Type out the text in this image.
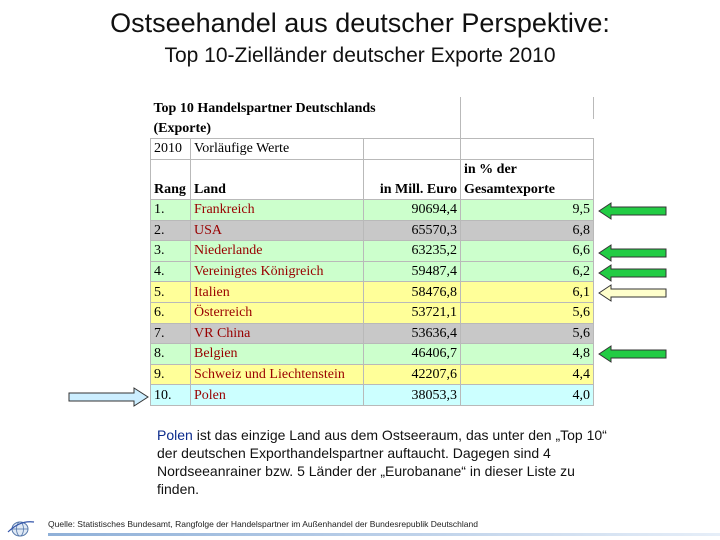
Ostseehandel aus deutscher Perspektive:
Top 10-Zielländer deutscher Exporte 2010
Top 10 Handelspartner Deutschlands			
(Exporte)			
2010	Vorläufige Werte		
			in % der
Rang	Land	in Mill. Euro	Gesamtexporte
1.	Frankreich	90694,4	9,5
2.	USA	65570,3	6,8
3.	Niederlande	63235,2	6,6
4.	Vereinigtes Königreich	59487,4	6,2
5.	Italien	58476,8	6,1
6.	Österreich	53721,1	5,6
7.	VR China	53636,4	5,6
8.	Belgien	46406,7	4,8
9.	Schweiz und Liechtenstein	42207,6	4,4
10.	Polen	38053,3	4,0
Polen ist das einzige Land aus dem Ostseeraum, das unter den „Top 10“ der deutschen Exporthandelspartner auftaucht. Dagegen sind 4 Nordseeanrainer bzw. 5 Länder der „Eurobanane“ in dieser Liste zu finden.
Quelle: Statistisches Bundesamt, Rangfolge der Handelspartner im Außenhandel der Bundesrepublik Deutschland
